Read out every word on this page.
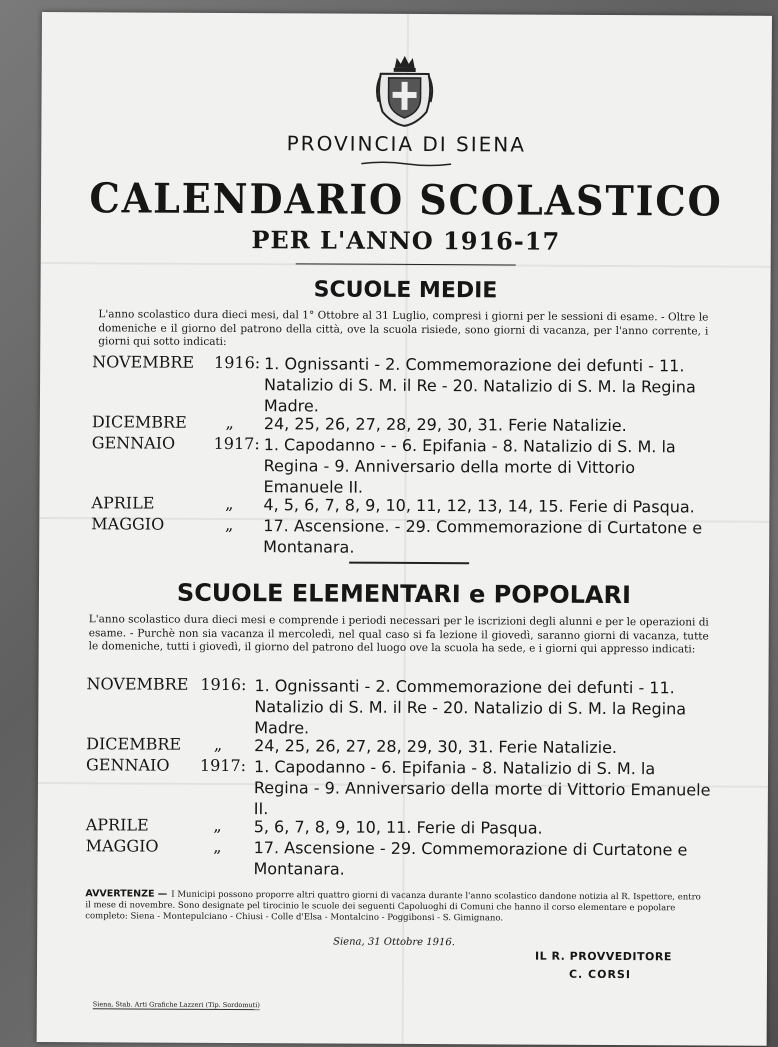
PROVINCIA DI SIENA
CALENDARIO SCOLASTICO
PER L'ANNO 1916-17
SCUOLE MEDIE
L'anno scolastico dura dieci mesi, dal 1° Ottobre al 31 Luglio, compresi i giorni per le sessioni di esame. - Oltre le domeniche e il giorno del patrono della città, ove la scuola risiede, sono giorni di vacanza, per l'anno corrente, i giorni qui sotto indicati:
NOVEMBRE 1916: 1. Ognissanti - 2. Commemorazione dei defunti - 11. Natalizio di S. M. il Re - 20. Natalizio di S. M. la Regina Madre.
DICEMBRE	„ 24, 25, 26, 27, 28, 29, 30, 31. Ferie Natalizie.
GENNAIO 1917: 1. Capodanno - - 6. Epifania - 8. Natalizio di S. M. la Regina - 9. Anniversario della morte di Vittorio Emanuele II.
APRILE	„ 4, 5, 6, 7, 8, 9, 10, 11, 12, 13, 14, 15. Ferie di Pasqua.
MAGGIO	„ 17. Ascensione. - 29. Commemorazione di Curtatone e Montanara.
SCUOLE ELEMENTARI e POPOLARI
L'anno scolastico dura dieci mesi e comprende i periodi necessari per le iscrizioni degli alunni e per le operazioni di esame. - Purchè non sia vacanza il mercoledì, nel qual caso si fa lezione il giovedì, saranno giorni di vacanza, tutte le domeniche, tutti i giovedì, il giorno del patrono del luogo ove la scuola ha sede, e i giorni qui appresso indicati:
NOVEMBRE 1916: 1. Ognissanti - 2. Commemorazione dei defunti - 11. Natalizio di S. M. il Re - 20. Natalizio di S. M. la Regina Madre.
DICEMBRE	„ 24, 25, 26, 27, 28, 29, 30, 31. Ferie Natalizie.
GENNAIO 1917: 1. Capodanno - 6. Epifania - 8. Natalizio di S. M. la Regina - 9. Anniversario della morte di Vittorio Emanuele II.
APRILE	„ 5, 6, 7, 8, 9, 10, 11. Ferie di Pasqua.
MAGGIO	„ 17. Ascensione - 29. Commemorazione di Curtatone e Montanara.
AVVERTENZE — I Municipi possono proporre altri quattro giorni di vacanza durante l'anno scolastico dandone notizia al R. Ispettore, entro il mese di novembre. Sono designate pel tirocinio le scuole dei seguenti Capoluoghi di Comuni che hanno il corso elementare e popolare completo: Siena - Montepulciano - Chiusi - Colle d'Elsa - Montalcino - Poggibonsi - S. Gimignano.
Siena, 31 Ottobre 1916.
IL R. PROVVEDITORE
C. CORSI
Siena, Stab. Arti Grafiche Lazzeri (Tip. Sordomuti)
